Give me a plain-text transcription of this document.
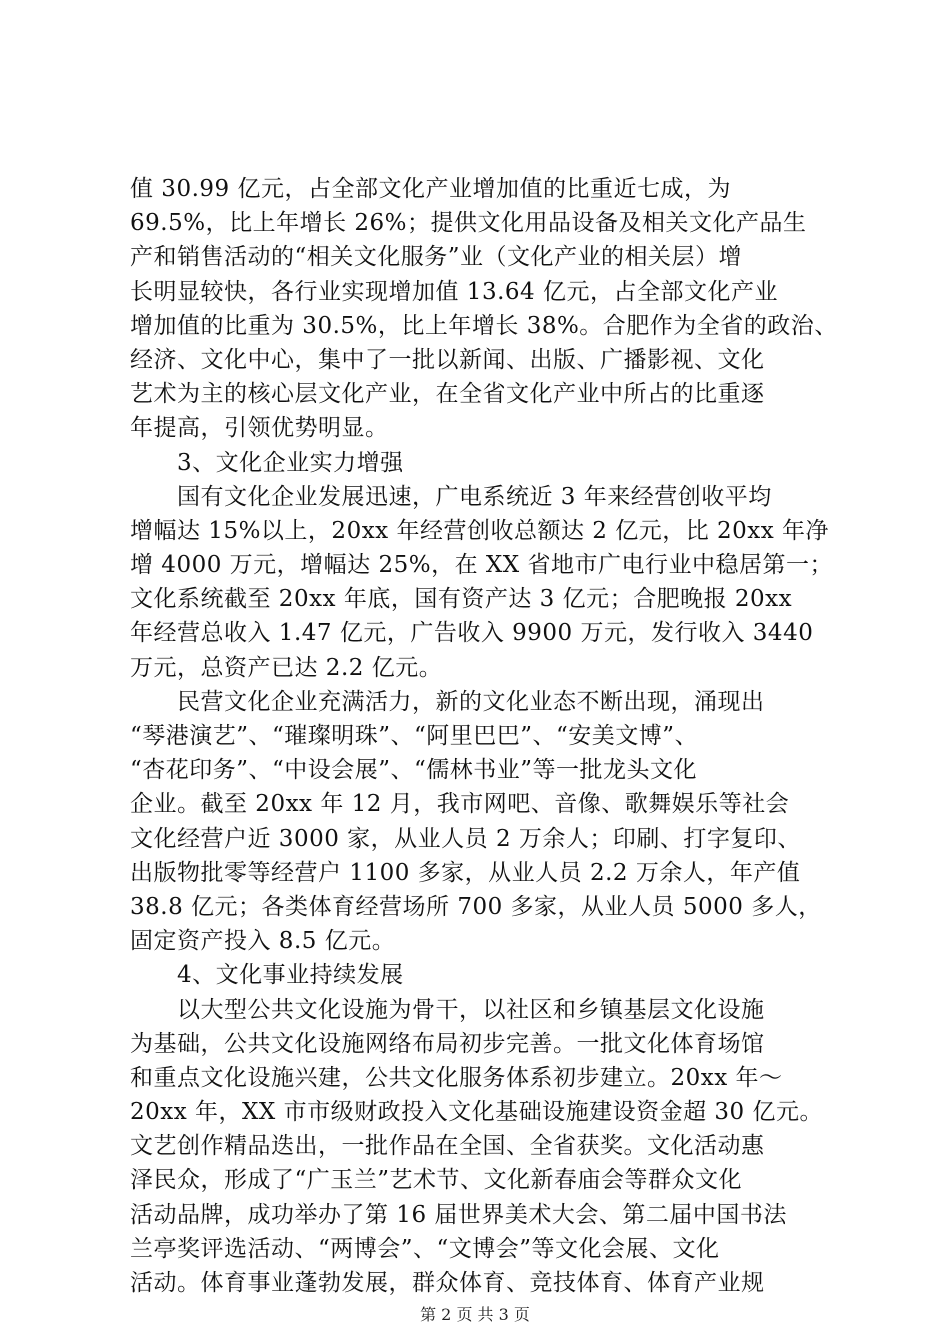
值 30.99 亿元，占全部文化产业增加值的比重近七成，为
69.5%，比上年增长 26%；提供文化用品设备及相关文化产品生
产和销售活动的“相关文化服务”业（文化产业的相关层）增
长明显较快，各行业实现增加值 13.64 亿元，占全部文化产业
增加值的比重为 30.5%，比上年增长 38%。合肥作为全省的政治、
经济、文化中心，集中了一批以新闻、出版、广播影视、文化
艺术为主的核心层文化产业，在全省文化产业中所占的比重逐
年提高，引领优势明显。
　　3、文化企业实力增强
　　国有文化企业发展迅速，广电系统近 3 年来经营创收平均
增幅达 15%以上，20xx 年经营创收总额达 2 亿元，比 20xx 年净
增 4000 万元，增幅达 25%，在 XX 省地市广电行业中稳居第一；
文化系统截至 20xx 年底，国有资产达 3 亿元；合肥晚报 20xx
年经营总收入 1.47 亿元，广告收入 9900 万元，发行收入 3440
万元，总资产已达 2.2 亿元。
　　民营文化企业充满活力，新的文化业态不断出现，涌现出
“琴港演艺”、“璀璨明珠”、“阿里巴巴”、“安美文博”、
“杏花印务”、“中设会展”、“儒林书业”等一批龙头文化
企业。截至 20xx 年 12 月，我市网吧、音像、歌舞娱乐等社会
文化经营户近 3000 家，从业人员 2 万余人；印刷、打字复印、
出版物批零等经营户 1100 多家，从业人员 2.2 万余人，年产值
38.8 亿元；各类体育经营场所 700 多家，从业人员 5000 多人，
固定资产投入 8.5 亿元。
　　4、文化事业持续发展
　　以大型公共文化设施为骨干，以社区和乡镇基层文化设施
为基础，公共文化设施网络布局初步完善。一批文化体育场馆
和重点文化设施兴建，公共文化服务体系初步建立。20xx 年～
20xx 年，XX 市市级财政投入文化基础设施建设资金超 30 亿元。
文艺创作精品迭出，一批作品在全国、全省获奖。文化活动惠
泽民众，形成了“广玉兰”艺术节、文化新春庙会等群众文化
活动品牌，成功举办了第 16 届世界美术大会、第二届中国书法
兰亭奖评选活动、“两博会”、“文博会”等文化会展、文化
活动。体育事业蓬勃发展，群众体育、竞技体育、体育产业规
第 2 页 共 3 页
